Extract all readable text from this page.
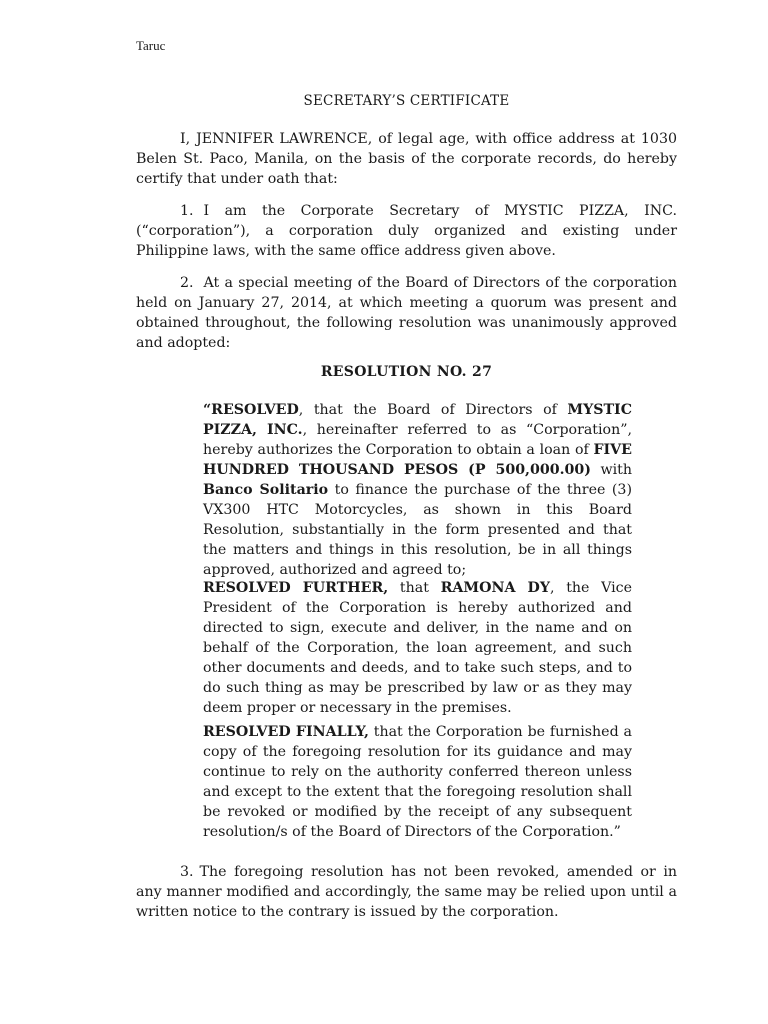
Taruc
SECRETARY’S CERTIFICATE
I, JENNIFER LAWRENCE, of legal age, with office address at 1030 Belen St. Paco, Manila, on the basis of the corporate records, do hereby certify that under oath that:
1. I am the Corporate Secretary of MYSTIC PIZZA, INC. (“corporation”), a corporation duly organized and existing under Philippine laws, with the same office address given above.
2. At a special meeting of the Board of Directors of the corporation held on January 27, 2014, at which meeting a quorum was present and obtained throughout, the following resolution was unanimously approved and adopted:
RESOLUTION NO. 27
“RESOLVED, that the Board of Directors of MYSTIC PIZZA, INC., hereinafter referred to as “Corporation”, hereby authorizes the Corporation to obtain a loan of FIVE HUNDRED THOUSAND PESOS (P 500,000.00) with Banco Solitario to finance the purchase of the three (3) VX300 HTC Motorcycles, as shown in this Board Resolution, substantially in the form presented and that the matters and things in this resolution, be in all things approved, authorized and agreed to;
RESOLVED FURTHER, that RAMONA DY, the Vice President of the Corporation is hereby authorized and directed to sign, execute and deliver, in the name and on behalf of the Corporation, the loan agreement, and such other documents and deeds, and to take such steps, and to do such thing as may be prescribed by law or as they may deem proper or necessary in the premises.
RESOLVED FINALLY, that the Corporation be furnished a copy of the foregoing resolution for its guidance and may continue to rely on the authority conferred thereon unless and except to the extent that the foregoing resolution shall be revoked or modified by the receipt of any subsequent resolution/s of the Board of Directors of the Corporation.”
3. The foregoing resolution has not been revoked, amended or in any manner modified and accordingly, the same may be relied upon until a written notice to the contrary is issued by the corporation.
